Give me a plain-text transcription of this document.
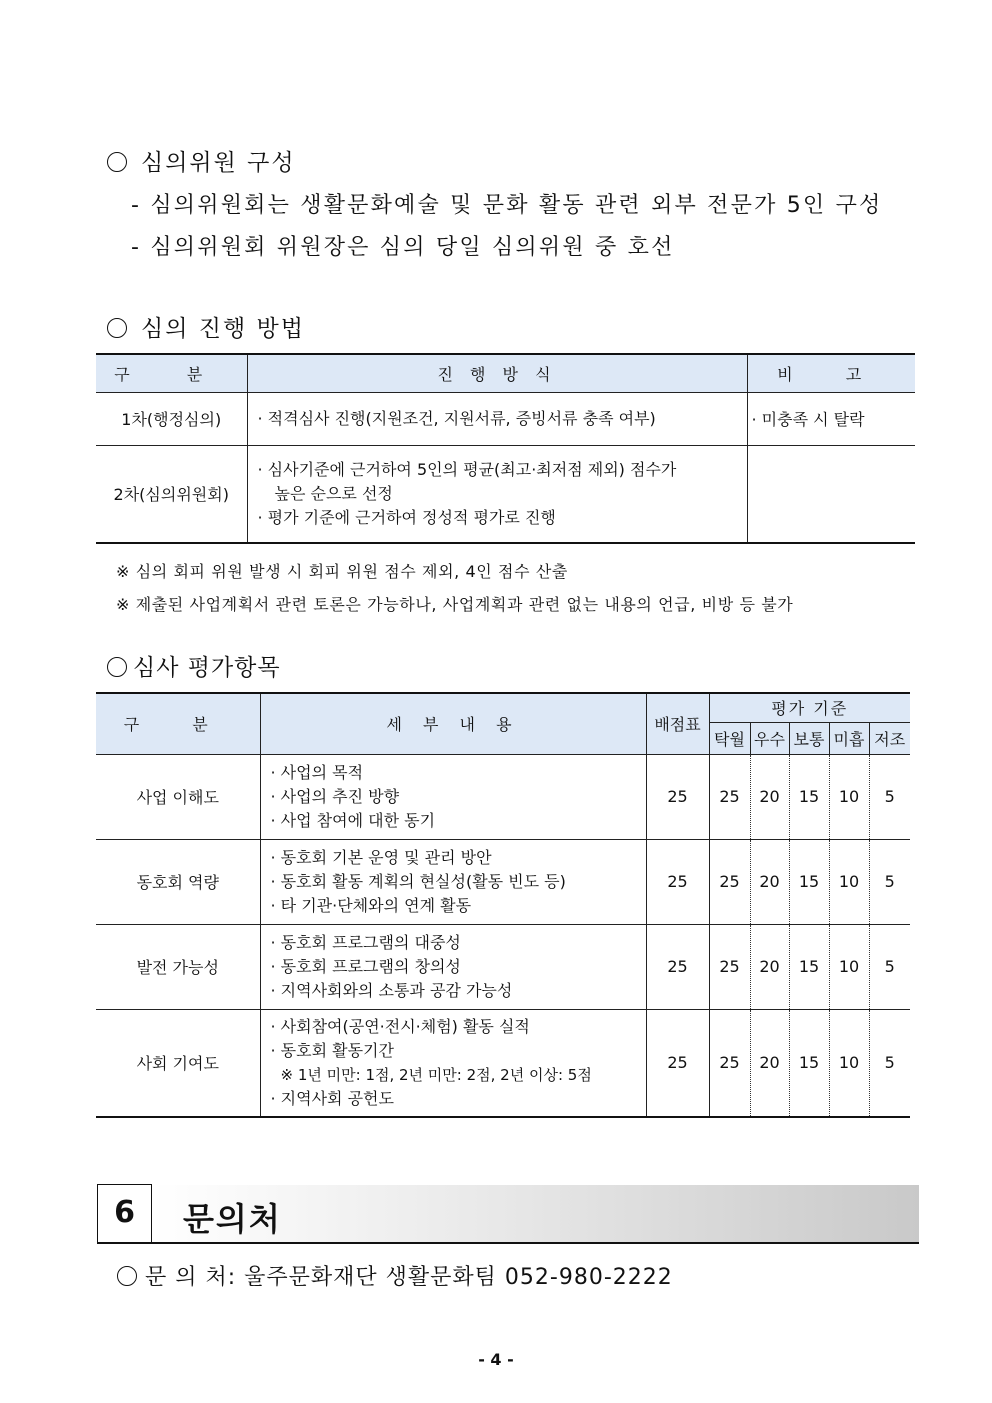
심의위원 구성
- 심의위원회는 생활문화예술 및 문화 활동 관련 외부 전문가 5인 구성
- 심의위원회 위원장은 심의 당일 심의위원 중 호선
심의 진행 방법
구 분	진 행 방 식	비 고
1차(행정심의)	· 적격심사 진행(지원조건, 지원서류, 증빙서류 충족 여부)	· 미충족 시 탈락
2차(심의위원회)	· 심사기준에 근거하여 5인의 평균(최고·최저점 제외) 점수가
높은 순으로 선정
· 평가 기준에 근거하여 정성적 평가로 진행	

※ 심의 회피 위원 발생 시 회피 위원 점수 제외, 4인 점수 산출
※ 제출된 사업계획서 관련 토론은 가능하나, 사업계획과 관련 없는 내용의 언급, 비방 등 불가
심사 평가항목
구 분	세 부 내 용	배점표	평가 기준				
			탁월	우수	보통	미흡	저조
사업 이해도	· 사업의 목적
· 사업의 추진 방향
· 사업 참여에 대한 동기	25	25	20	15	10	5
동호회 역량	· 동호회 기본 운영 및 관리 방안
· 동호회 활동 계획의 현실성(활동 빈도 등)
· 타 기관·단체와의 연계 활동	25	25	20	15	10	5
발전 가능성	· 동호회 프로그램의 대중성
· 동호회 프로그램의 창의성
· 지역사회와의 소통과 공감 가능성	25	25	20	15	10	5
사회 기여도	· 사회참여(공연·전시·체험) 활동 실적
· 동호회 활동기간
※ 1년 미만: 1점, 2년 미만: 2점, 2년 이상: 5점
· 지역사회 공헌도	25	25	20	15	10	5
6	문의처
문 의 처: 울주문화재단 생활문화팀 052-980-2222
- 4 -
